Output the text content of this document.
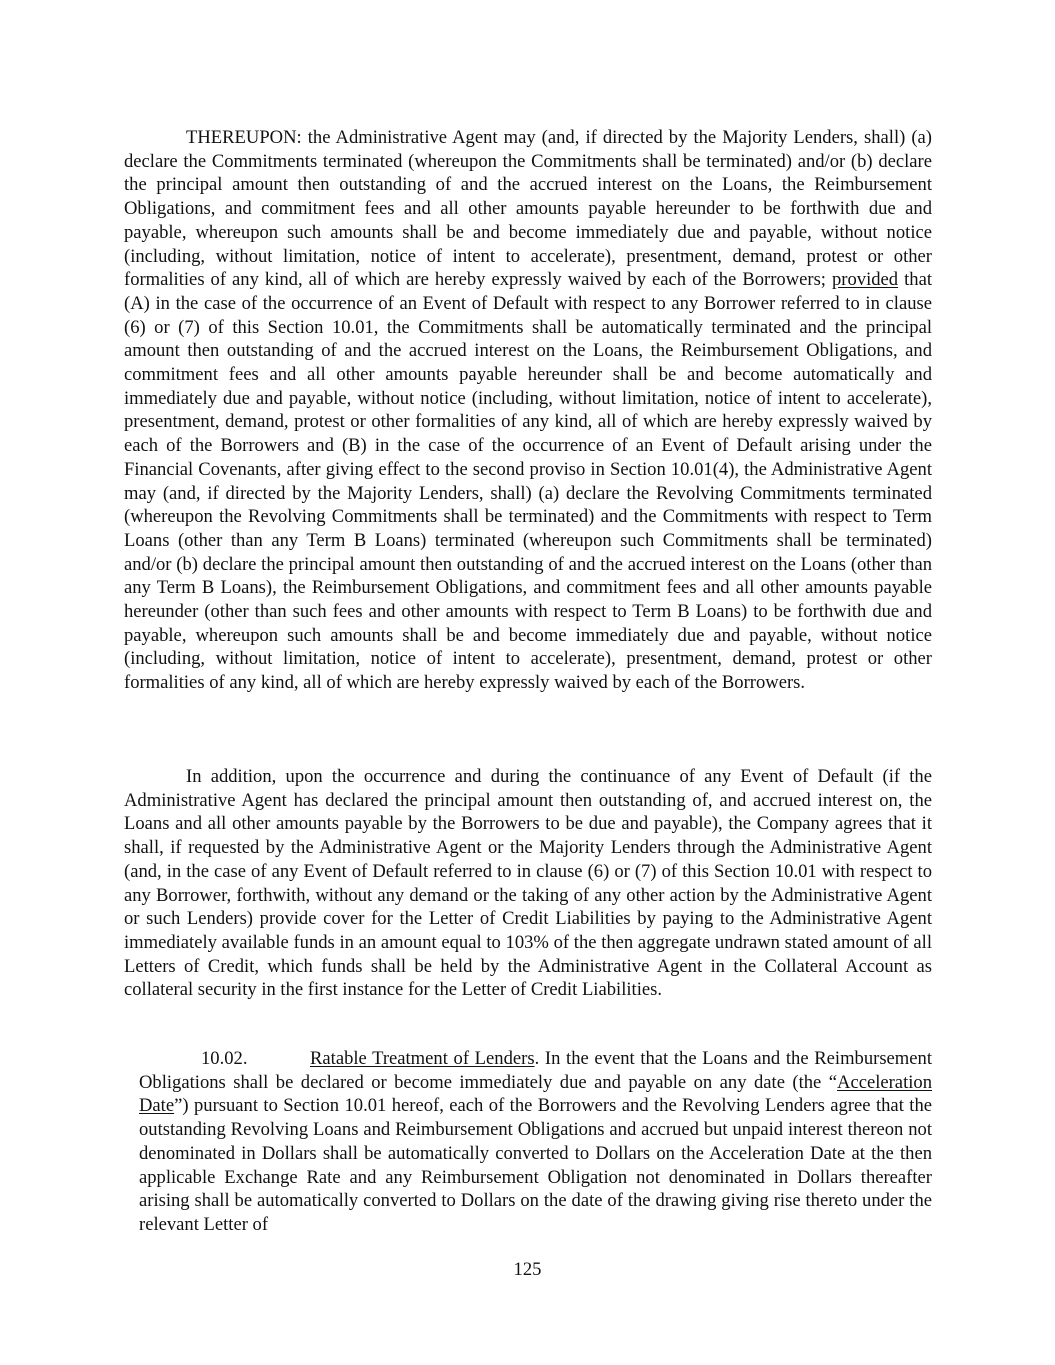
THEREUPON: the Administrative Agent may (and, if directed by the Majority Lenders, shall) (a) declare the Commitments terminated (whereupon the Commitments shall be terminated) and/or (b) declare the principal amount then outstanding of and the accrued interest on the Loans, the Reimbursement Obligations, and commitment fees and all other amounts payable hereunder to be forthwith due and payable, whereupon such amounts shall be and become immediately due and payable, without notice (including, without limitation, notice of intent to accelerate), presentment, demand, protest or other formalities of any kind, all of which are hereby expressly waived by each of the Borrowers; provided that (A) in the case of the occurrence of an Event of Default with respect to any Borrower referred to in clause (6) or (7) of this Section 10.01, the Commitments shall be automatically terminated and the principal amount then outstanding of and the accrued interest on the Loans, the Reimbursement Obligations, and commitment fees and all other amounts payable hereunder shall be and become automatically and immediately due and payable, without notice (including, without limitation, notice of intent to accelerate), presentment, demand, protest or other formalities of any kind, all of which are hereby expressly waived by each of the Borrowers and (B) in the case of the occurrence of an Event of Default arising under the Financial Covenants, after giving effect to the second proviso in Section 10.01(4), the Administrative Agent may (and, if directed by the Majority Lenders, shall) (a) declare the Revolving Commitments terminated (whereupon the Revolving Commitments shall be terminated) and the Commitments with respect to Term Loans (other than any Term B Loans) terminated (whereupon such Commitments shall be terminated) and/or (b) declare the principal amount then outstanding of and the accrued interest on the Loans (other than any Term B Loans), the Reimbursement Obligations, and commitment fees and all other amounts payable hereunder (other than such fees and other amounts with respect to Term B Loans) to be forthwith due and payable, whereupon such amounts shall be and become immediately due and payable, without notice (including, without limitation, notice of intent to accelerate), presentment, demand, protest or other formalities of any kind, all of which are hereby expressly waived by each of the Borrowers.

In addition, upon the occurrence and during the continuance of any Event of Default (if the Administrative Agent has declared the principal amount then outstanding of, and accrued interest on, the Loans and all other amounts payable by the Borrowers to be due and payable), the Company agrees that it shall, if requested by the Administrative Agent or the Majority Lenders through the Administrative Agent (and, in the case of any Event of Default referred to in clause (6) or (7) of this Section 10.01 with respect to any Borrower, forthwith, without any demand or the taking of any other action by the Administrative Agent or such Lenders) provide cover for the Letter of Credit Liabilities by paying to the Administrative Agent immediately available funds in an amount equal to 103% of the then aggregate undrawn stated amount of all Letters of Credit, which funds shall be held by the Administrative Agent in the Collateral Account as collateral security in the first instance for the Letter of Credit Liabilities.

10.02.	Ratable Treatment of Lenders. In the event that the Loans and the Reimbursement Obligations shall be declared or become immediately due and payable on any date (the “Acceleration Date”) pursuant to Section 10.01 hereof, each of the Borrowers and the Revolving Lenders agree that the outstanding Revolving Loans and Reimbursement Obligations and accrued but unpaid interest thereon not denominated in Dollars shall be automatically converted to Dollars on the Acceleration Date at the then applicable Exchange Rate and any Reimbursement Obligation not denominated in Dollars thereafter arising shall be automatically converted to Dollars on the date of the drawing giving rise thereto under the relevant Letter of

125
